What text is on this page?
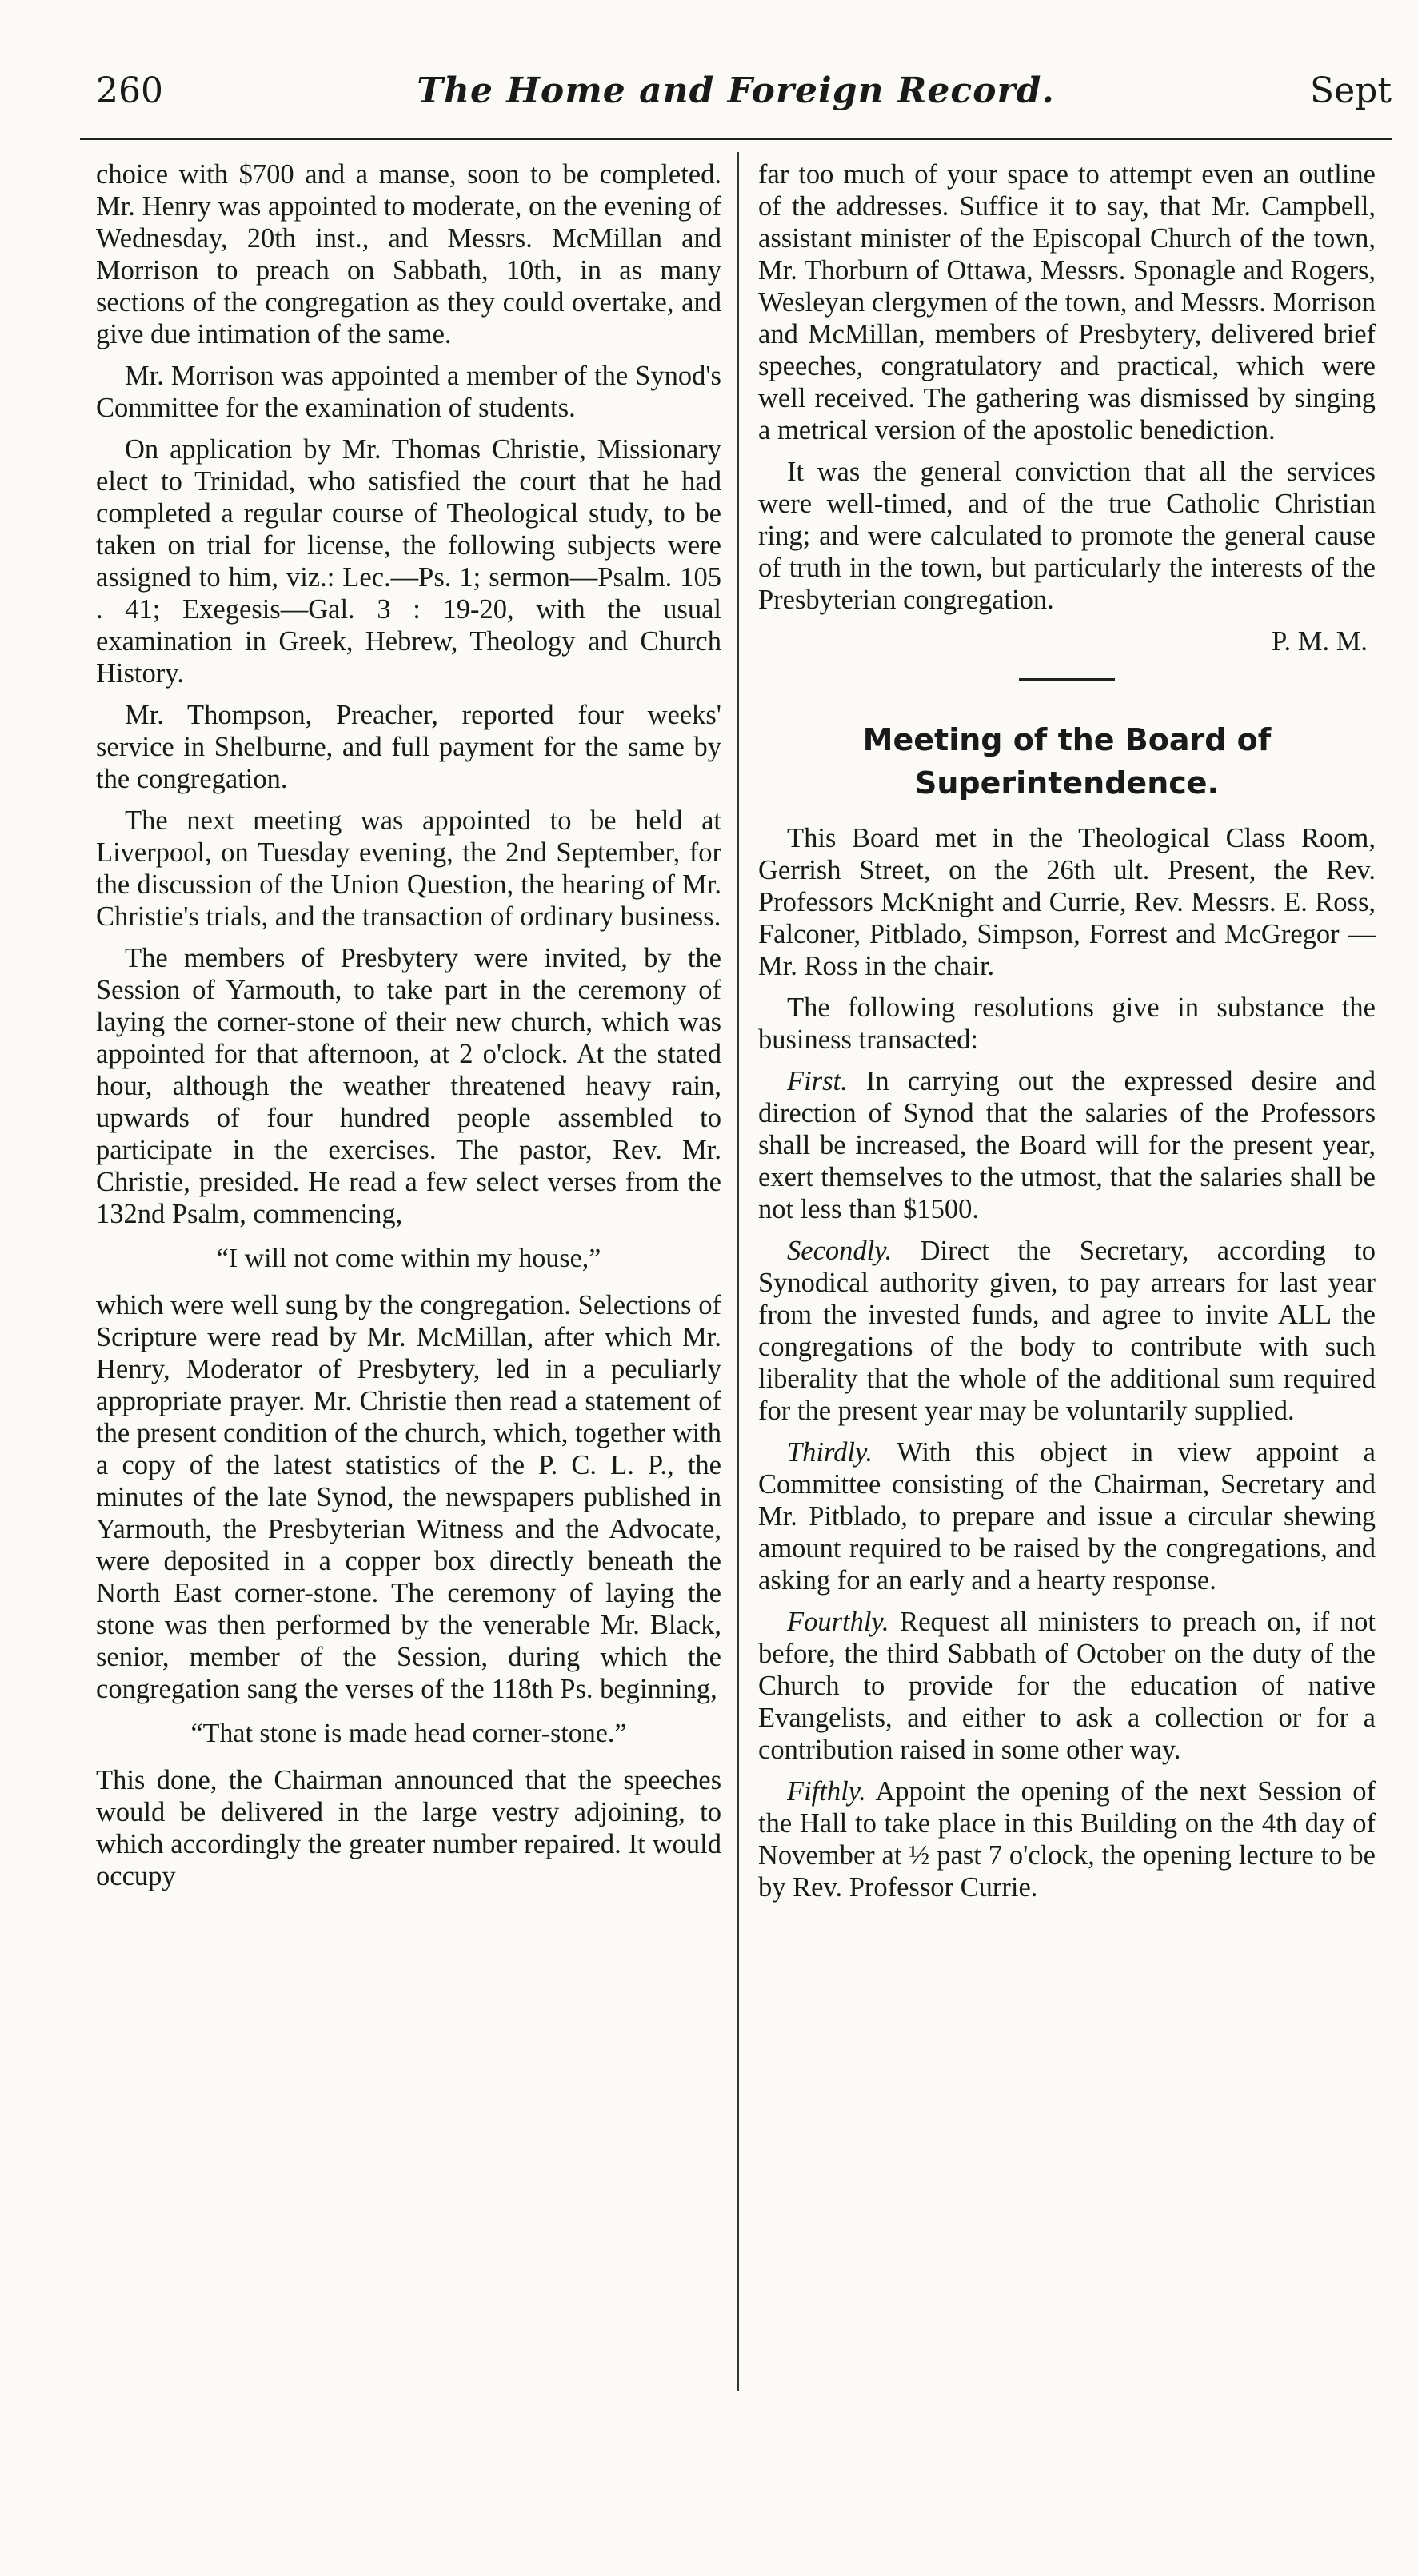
260	The Home and Foreign Record.	Sept

choice with $700 and a manse, soon to be completed. Mr. Henry was appointed to moderate, on the evening of Wednesday, 20th inst., and Messrs. McMillan and Morrison to preach on Sabbath, 10th, in as many sections of the congregation as they could overtake, and give due intimation of the same.

Mr. Morrison was appointed a member of the Synod's Committee for the examination of students.

On application by Mr. Thomas Christie, Missionary elect to Trinidad, who satisfied the court that he had completed a regular course of Theological study, to be taken on trial for license, the following subjects were assigned to him, viz.: Lec.—Ps. 1; sermon—Psalm. 105 . 41; Exegesis—Gal. 3 : 19-20, with the usual examination in Greek, Hebrew, Theology and Church History.

Mr. Thompson, Preacher, reported four weeks' service in Shelburne, and full payment for the same by the congregation.

The next meeting was appointed to be held at Liverpool, on Tuesday evening, the 2nd September, for the discussion of the Union Question, the hearing of Mr. Christie's trials, and the transaction of ordinary business.

The members of Presbytery were invited, by the Session of Yarmouth, to take part in the ceremony of laying the corner-stone of their new church, which was appointed for that afternoon, at 2 o'clock. At the stated hour, although the weather threatened heavy rain, upwards of four hundred people assembled to participate in the exercises. The pastor, Rev. Mr. Christie, presided. He read a few select verses from the 132nd Psalm, commencing,

“I will not come within my house,”

which were well sung by the congregation. Selections of Scripture were read by Mr. McMillan, after which Mr. Henry, Moderator of Presbytery, led in a peculiarly appropriate prayer. Mr. Christie then read a statement of the present condition of the church, which, together with a copy of the latest statistics of the P. C. L. P., the minutes of the late Synod, the newspapers published in Yarmouth, the Presbyterian Witness and the Advocate, were deposited in a copper box directly beneath the North East corner-stone. The ceremony of laying the stone was then performed by the venerable Mr. Black, senior, member of the Session, during which the congregation sang the verses of the 118th Ps. beginning,

“That stone is made head corner-stone.”

This done, the Chairman announced that the speeches would be delivered in the large vestry adjoining, to which accordingly the greater number repaired. It would occupy

far too much of your space to attempt even an outline of the addresses. Suffice it to say, that Mr. Campbell, assistant minister of the Episcopal Church of the town, Mr. Thorburn of Ottawa, Messrs. Sponagle and Rogers, Wesleyan clergymen of the town, and Messrs. Morrison and McMillan, members of Presbytery, delivered brief speeches, congratulatory and practical, which were well received. The gathering was dismissed by singing a metrical version of the apostolic benediction.

It was the general conviction that all the services were well-timed, and of the true Catholic Christian ring; and were calculated to promote the general cause of truth in the town, but particularly the interests of the Presbyterian congregation.

P. M. M.
Meeting of the Board of Superintendence.

This Board met in the Theological Class Room, Gerrish Street, on the 26th ult. Present, the Rev. Professors McKnight and Currie, Rev. Messrs. E. Ross, Falconer, Pitblado, Simpson, Forrest and McGregor —Mr. Ross in the chair.

The following resolutions give in substance the business transacted:

First. In carrying out the expressed desire and direction of Synod that the salaries of the Professors shall be increased, the Board will for the present year, exert themselves to the utmost, that the salaries shall be not less than $1500.

Secondly. Direct the Secretary, according to Synodical authority given, to pay arrears for last year from the invested funds, and agree to invite ALL the congregations of the body to contribute with such liberality that the whole of the additional sum required for the present year may be voluntarily supplied.

Thirdly. With this object in view appoint a Committee consisting of the Chairman, Secretary and Mr. Pitblado, to prepare and issue a circular shewing amount required to be raised by the congregations, and asking for an early and a hearty response.

Fourthly. Request all ministers to preach on, if not before, the third Sabbath of October on the duty of the Church to provide for the education of native Evangelists, and either to ask a collection or for a contribution raised in some other way.

Fifthly. Appoint the opening of the next Session of the Hall to take place in this Building on the 4th day of November at ½ past 7 o'clock, the opening lecture to be by Rev. Professor Currie.
